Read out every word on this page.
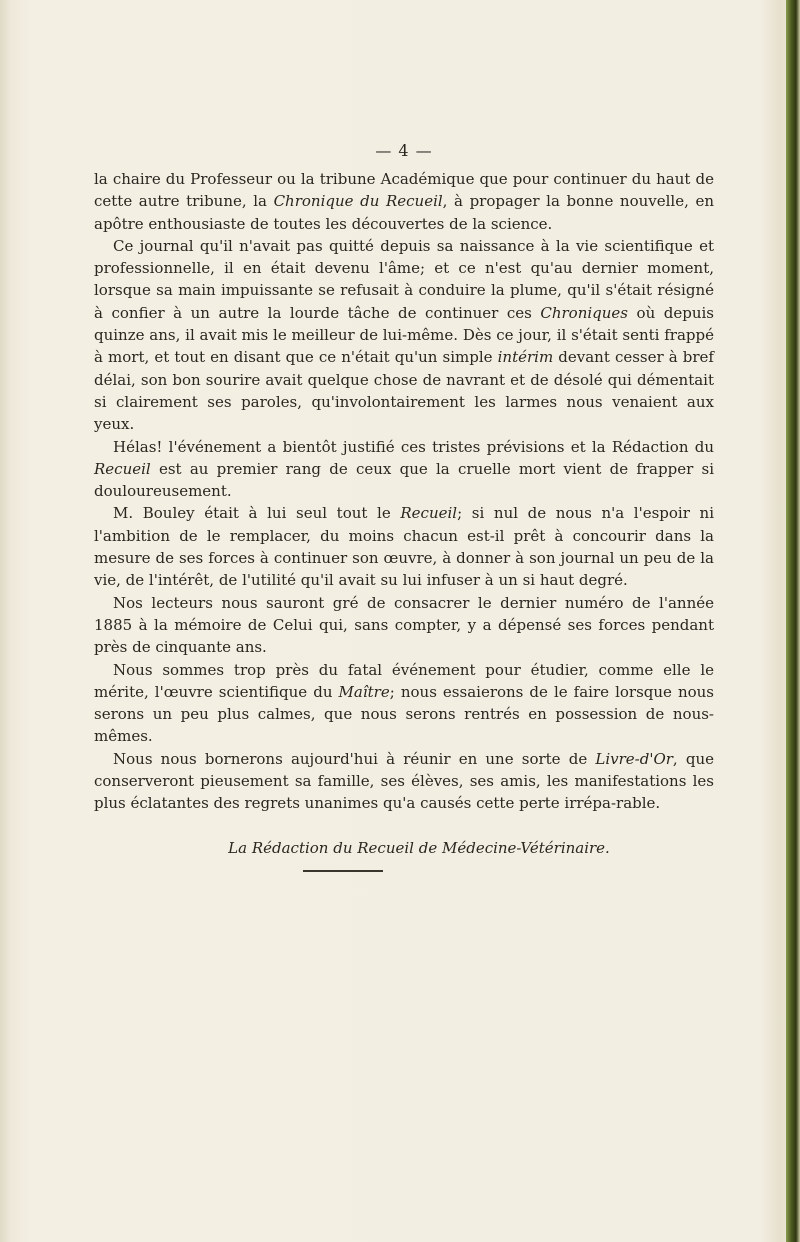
— 4 —

la chaire du Professeur ou la tribune Académique que pour continuer du haut de cette autre tribune, la Chronique du Recueil, à propager la bonne nouvelle, en apôtre enthousiaste de toutes les découvertes de la science.

Ce journal qu'il n'avait pas quitté depuis sa naissance à la vie scientifique et professionnelle, il en était devenu l'âme; et ce n'est qu'au dernier moment, lorsque sa main impuissante se refusait à conduire la plume, qu'il s'était résigné à confier à un autre la lourde tâche de continuer ces Chroniques où depuis quinze ans, il avait mis le meilleur de lui-même. Dès ce jour, il s'était senti frappé à mort, et tout en disant que ce n'était qu'un simple intérim devant cesser à bref délai, son bon sourire avait quelque chose de navrant et de désolé qui démentait si clairement ses paroles, qu'involontairement les larmes nous venaient aux yeux.

Hélas! l'événement a bientôt justifié ces tristes prévisions et la Rédaction du Recueil est au premier rang de ceux que la cruelle mort vient de frapper si douloureusement.

M. Bouley était à lui seul tout le Recueil; si nul de nous n'a l'espoir ni l'ambition de le remplacer, du moins chacun est-il prêt à concourir dans la mesure de ses forces à continuer son œuvre, à donner à son journal un peu de la vie, de l'intérêt, de l'utilité qu'il avait su lui infuser à un si haut degré.

Nos lecteurs nous sauront gré de consacrer le dernier numéro de l'année 1885 à la mémoire de Celui qui, sans compter, y a dépensé ses forces pendant près de cinquante ans.

Nous sommes trop près du fatal événement pour étudier, comme elle le mérite, l'œuvre scientifique du Maître; nous essaierons de le faire lorsque nous serons un peu plus calmes, que nous serons rentrés en possession de nous-mêmes.

Nous nous bornerons aujourd'hui à réunir en une sorte de Livre-d'Or, que conserveront pieusement sa famille, ses élèves, ses amis, les manifestations les plus éclatantes des regrets unanimes qu'a causés cette perte irrépa-rable.

La Rédaction du Recueil de Médecine-Vétérinaire.
